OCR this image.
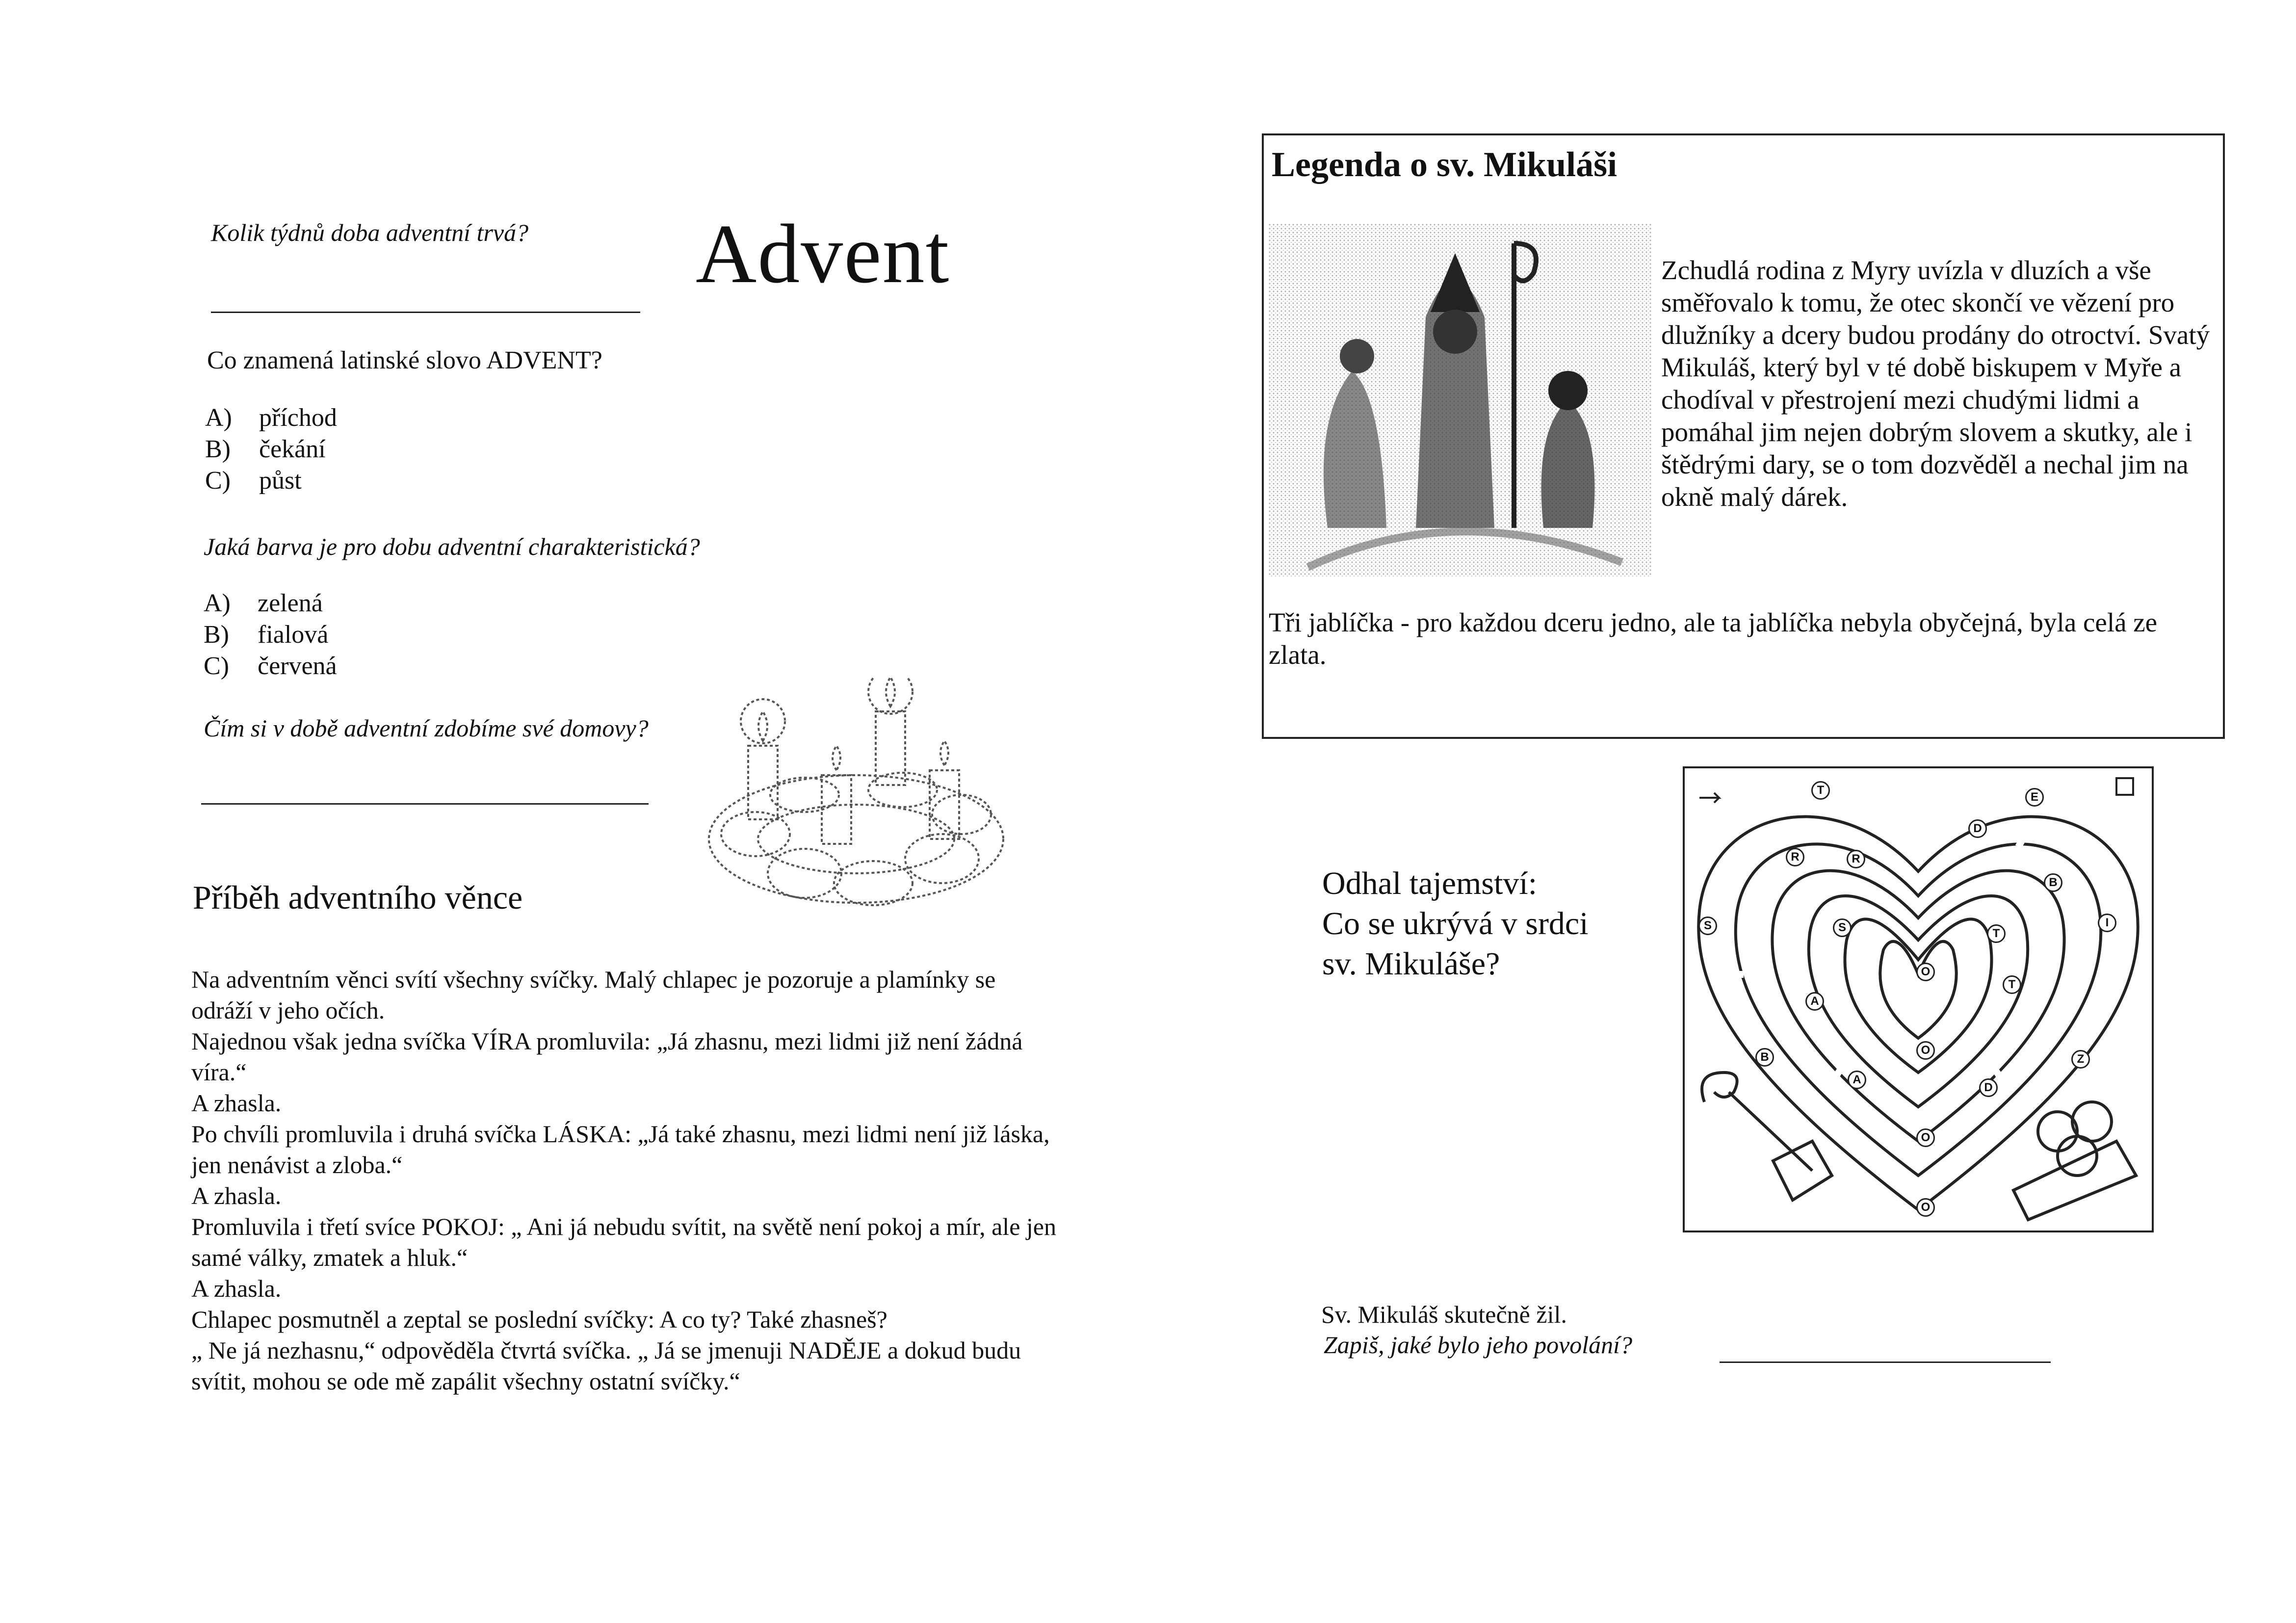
Kolik týdnů doba adventní trvá? Advent
Co znamená latinské slovo ADVENT?
A) příchod
B) čekání
C) půst
Jaká barva je pro dobu adventní charakteristická?
A) zelená
B) fialová
C) červená
Čím si v době adventní zdobíme své domovy?
Příběh adventního věnce

Na adventním věnci svítí všechny svíčky. Malý chlapec je pozoruje a plamínky se odráží v jeho očích.

Najednou však jedna svíčka VÍRA promluvila: „Já zhasnu, mezi lidmi již není žádná víra.“

A zhasla.

Po chvíli promluvila i druhá svíčka LÁSKA: „Já také zhasnu, mezi lidmi není již láska, jen nenávist a zloba.“

A zhasla.

Promluvila i třetí svíce POKOJ: „ Ani já nebudu svítit, na světě není pokoj a mír, ale jen samé války, zmatek a hluk.“

A zhasla.

Chlapec posmutněl a zeptal se poslední svíčky: A co ty? Také zhasneš?

„ Ne já nezhasnu,“ odpověděla čtvrtá svíčka. „ Já se jmenuji NADĚJE a dokud budu svítit, mohou se ode mě zapálit všechny ostatní svíčky.“

Legenda o sv. Mikuláši
Zchudlá rodina z Myry uvízla v dluzích a vše směřovalo k tomu, že otec skončí ve vězení pro dlužníky a dcery budou prodány do otroctví. Svatý Mikuláš, který byl v té době biskupem v Myře a chodíval v přestrojení mezi chudými lidmi a pomáhal jim nejen dobrým slovem a skutky, ale i štědrými dary, se o tom dozvěděl a nechal jim na okně malý dárek.
Tři jablíčka - pro každou dceru jedno, ale ta jablíčka nebyla obyčejná, byla celá ze zlata.
Odhal tajemství:
Co se ukrývá v srdci
sv. Mikuláše?
T
E
D
R	R
B
S	S	T
I
O
T
A
O
Z
B
A
D
O
O
Sv. Mikuláš skutečně žil.
Zapiš, jaké bylo jeho povolání?
